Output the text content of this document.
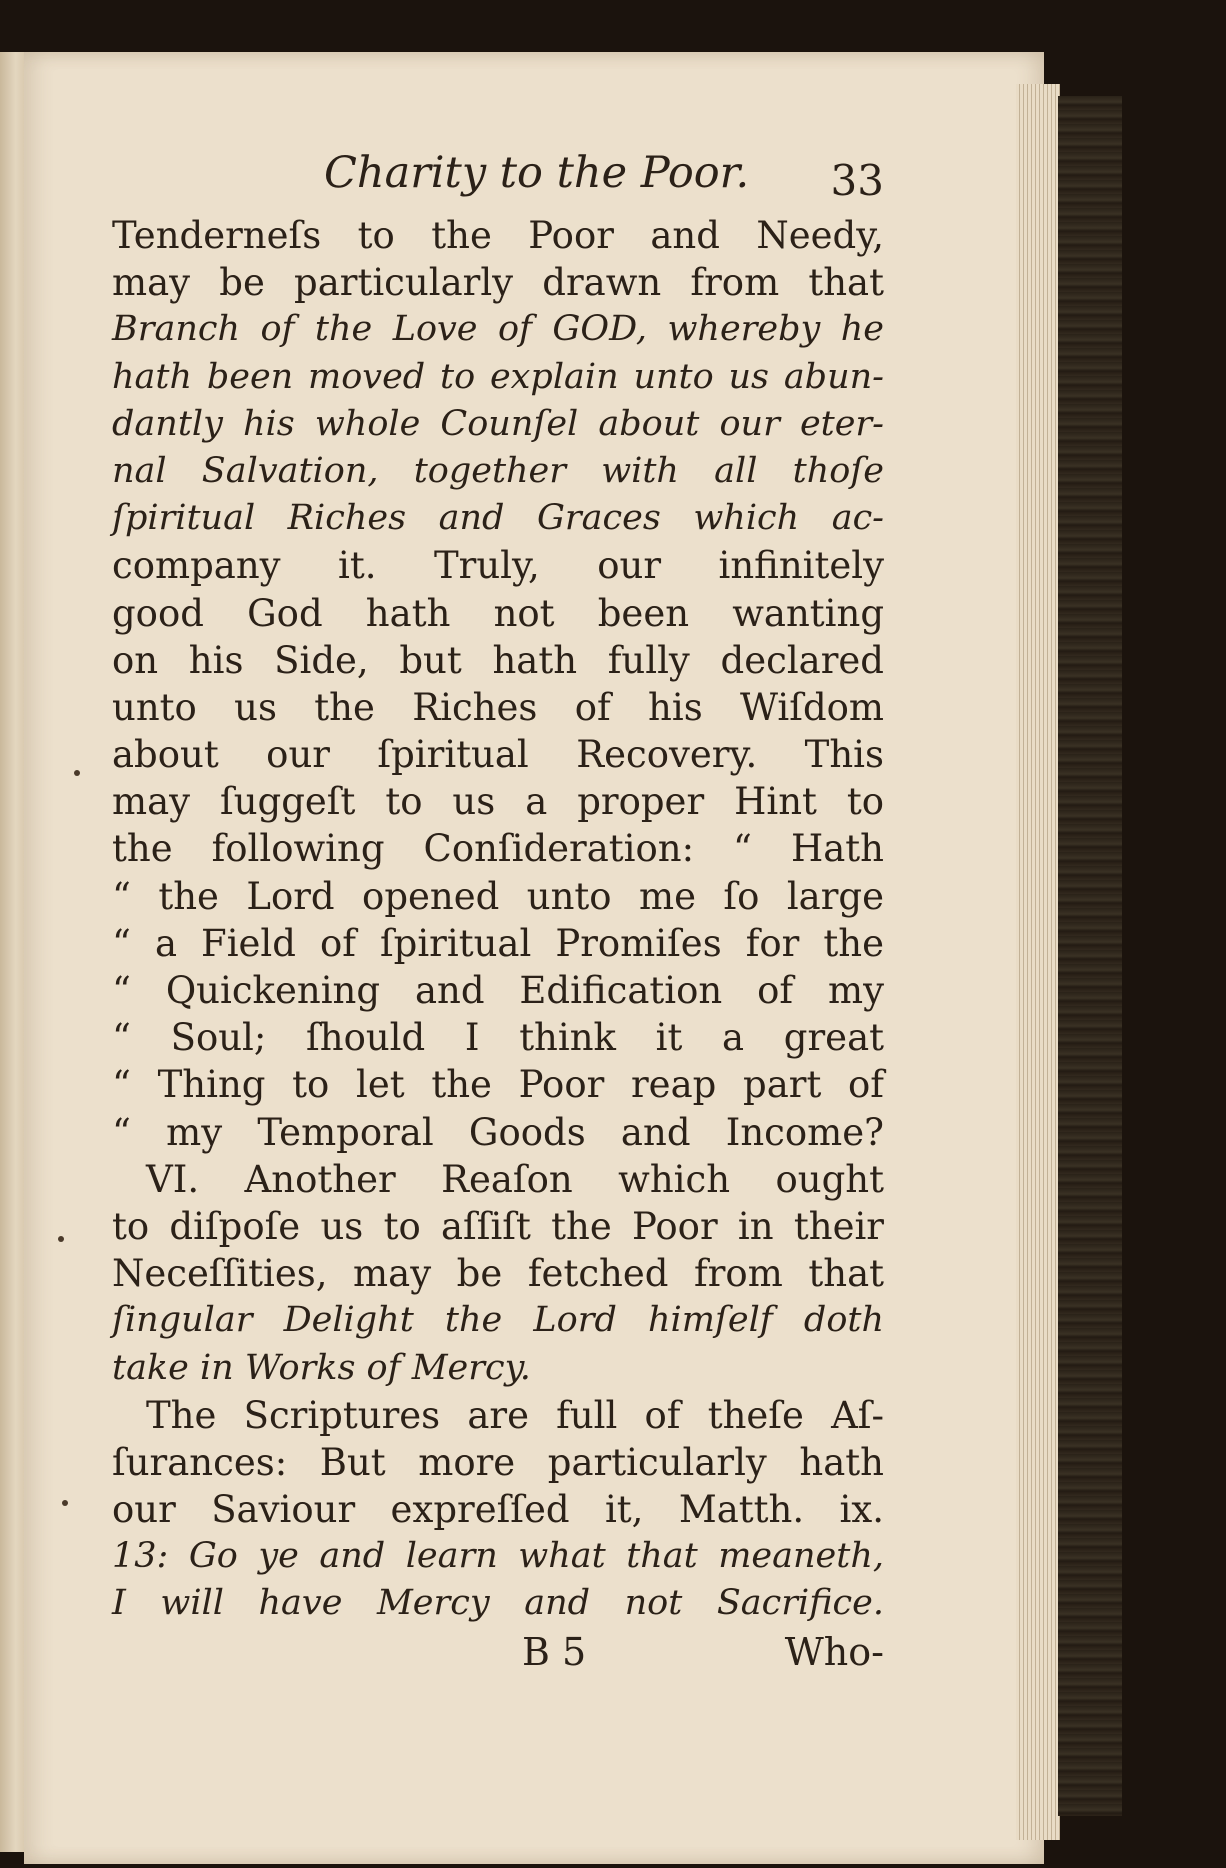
Charity to the Poor. 33
Tenderneſs to the Poor and Needy,
may be particularly drawn from that
Branch of the Love of GOD, whereby he
hath been moved to explain unto us abun-
dantly his whole Counſel about our eter-
nal Salvation, together with all thoſe
ſpiritual Riches and Graces which ac-
company it. Truly, our infinitely
good God hath not been wanting
on his Side, but hath fully declared
unto us the Riches of his Wiſdom
about our ſpiritual Recovery. This
may ſuggeſt to us a proper Hint to
the following Conſideration: “ Hath
“ the Lord opened unto me ſo large
“ a Field of ſpiritual Promiſes for the
“ Quickening and Edification of my
“ Soul; ſhould I think it a great
“ Thing to let the Poor reap part of
“ my Temporal Goods and Income?
VI. Another Reaſon which ought
to diſpoſe us to aſſiſt the Poor in their
Neceſſities, may be fetched from that
ſingular Delight the Lord himſelf doth
take in Works of Mercy.
The Scriptures are full of theſe Aſ-
ſurances: But more particularly hath
our Saviour expreſſed it, Matth. ix.
13: Go ye and learn what that meaneth,
I will have Mercy and not Sacrifice.
B 5	Who-
